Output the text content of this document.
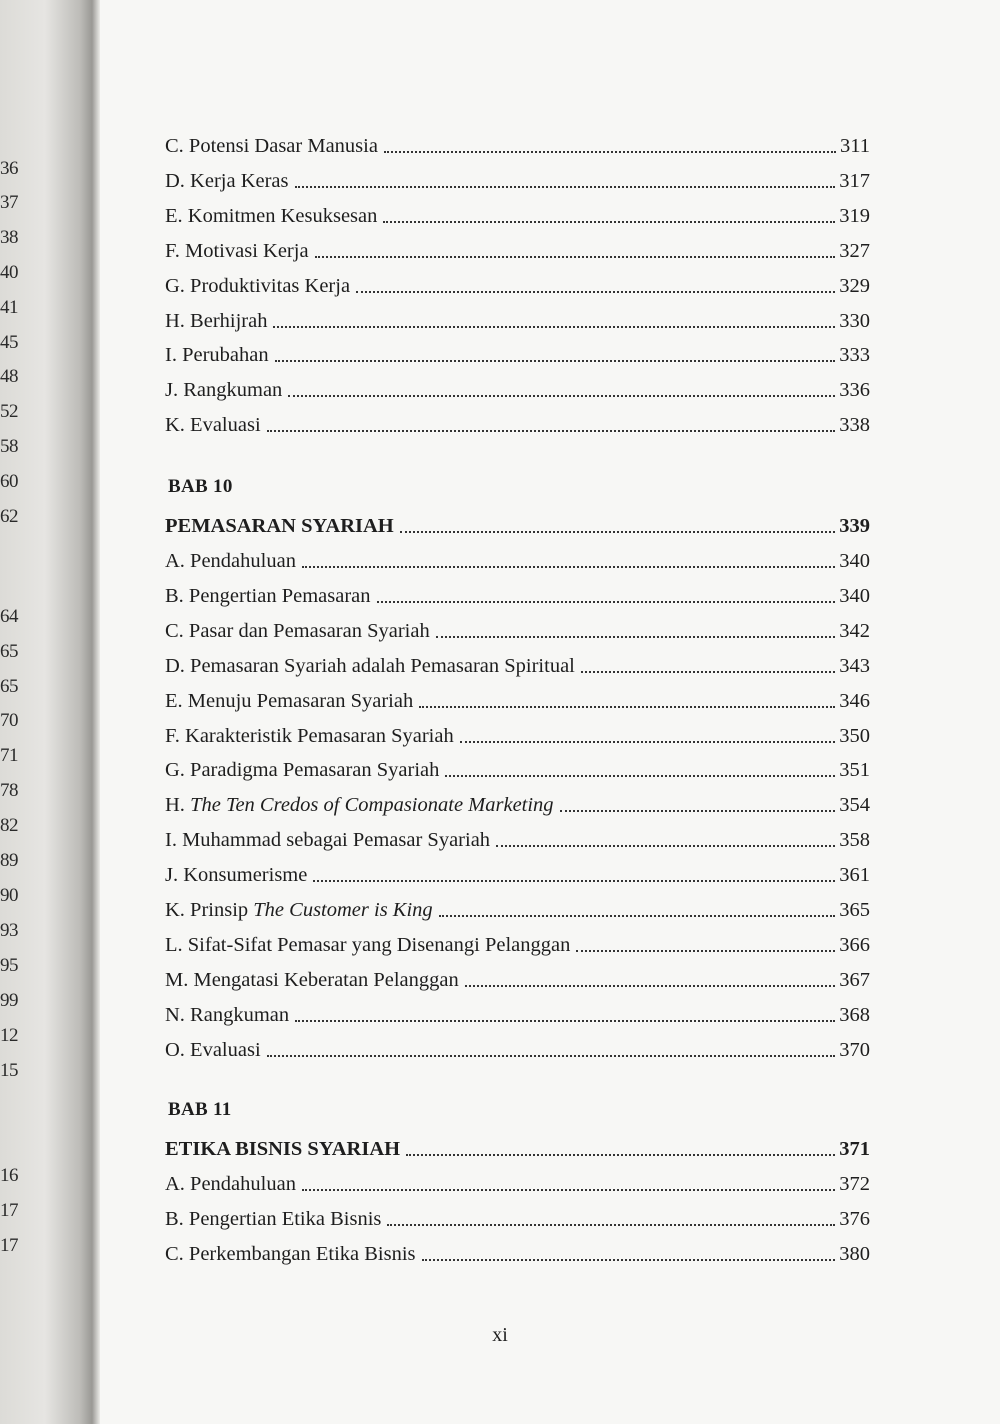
36
37
38
40
41
45
48
52
58
60
62
64
65
65
70
71
78
82
89
90
93
95
99
12
15
16
17
17
C. Potensi Dasar Manusia	311
D. Kerja Keras	317
E. Komitmen Kesuksesan	319
F. Motivasi Kerja	327
G. Produktivitas Kerja	329
H. Berhijrah	330
I. Perubahan	333
J. Rangkuman	336
K. Evaluasi	338
BAB 10
PEMASARAN SYARIAH	339
A. Pendahuluan	340
B. Pengertian Pemasaran	340
C. Pasar dan Pemasaran Syariah	342
D. Pemasaran Syariah adalah Pemasaran Spiritual	343
E. Menuju Pemasaran Syariah	346
F. Karakteristik Pemasaran Syariah	350
G. Paradigma Pemasaran Syariah	351
H. The Ten Credos of Compasionate Marketing	354
I. Muhammad sebagai Pemasar Syariah	358
J. Konsumerisme	361
K. Prinsip The Customer is King	365
L. Sifat-Sifat Pemasar yang Disenangi Pelanggan	366
M. Mengatasi Keberatan Pelanggan	367
N. Rangkuman	368
O. Evaluasi	370
BAB 11
ETIKA BISNIS SYARIAH	371
A. Pendahuluan	372
B. Pengertian Etika Bisnis	376
C. Perkembangan Etika Bisnis	380
xi
